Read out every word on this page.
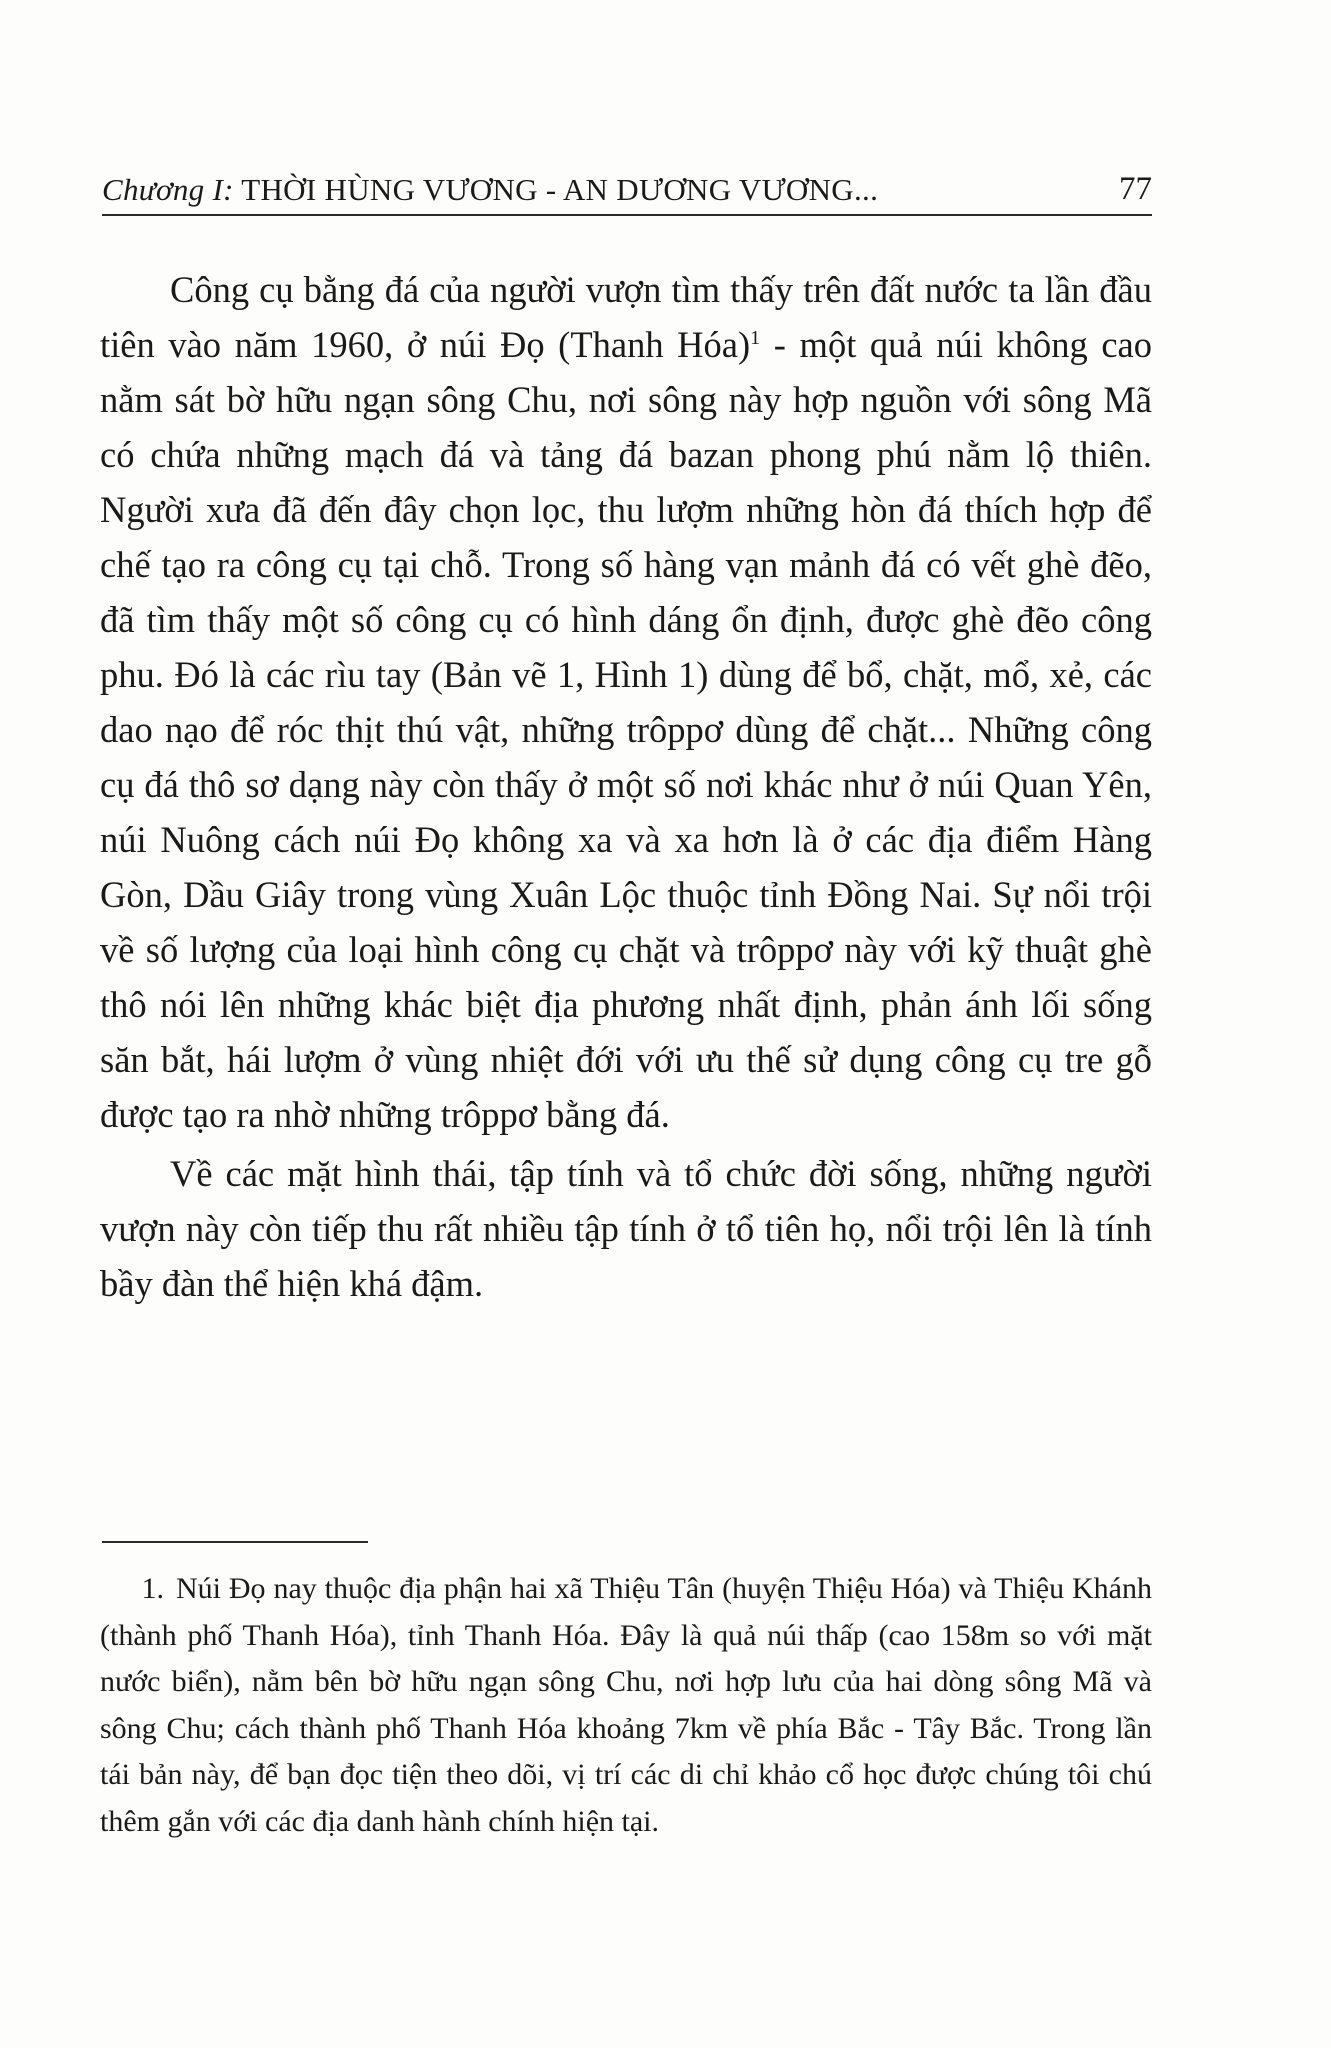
Chương I: THỜI HÙNG VƯƠNG - AN DƯƠNG VƯƠNG...	77

Công cụ bằng đá của người vượn tìm thấy trên đất nước ta lần đầu tiên vào năm 1960, ở núi Đọ (Thanh Hóa)$^1$ - một quả núi không cao nằm sát bờ hữu ngạn sông Chu, nơi sông này hợp nguồn với sông Mã có chứa những mạch đá và tảng đá bazan phong phú nằm lộ thiên. Người xưa đã đến đây chọn lọc, thu lượm những hòn đá thích hợp để chế tạo ra công cụ tại chỗ. Trong số hàng vạn mảnh đá có vết ghè đẽo, đã tìm thấy một số công cụ có hình dáng ổn định, được ghè đẽo công phu. Đó là các rìu tay (Bản vẽ 1, Hình 1) dùng để bổ, chặt, mổ, xẻ, các dao nạo để róc thịt thú vật, những trôppơ dùng để chặt... Những công cụ đá thô sơ dạng này còn thấy ở một số nơi khác như ở núi Quan Yên, núi Nuông cách núi Đọ không xa và xa hơn là ở các địa điểm Hàng Gòn, Dầu Giây trong vùng Xuân Lộc thuộc tỉnh Đồng Nai. Sự nổi trội về số lượng của loại hình công cụ chặt và trôppơ này với kỹ thuật ghè thô nói lên những khác biệt địa phương nhất định, phản ánh lối sống săn bắt, hái lượm ở vùng nhiệt đới với ưu thế sử dụng công cụ tre gỗ được tạo ra nhờ những trôppơ bằng đá.

Về các mặt hình thái, tập tính và tổ chức đời sống, những người vượn này còn tiếp thu rất nhiều tập tính ở tổ tiên họ, nổi trội lên là tính bầy đàn thể hiện khá đậm.

1. Núi Đọ nay thuộc địa phận hai xã Thiệu Tân (huyện Thiệu Hóa) và Thiệu Khánh (thành phố Thanh Hóa), tỉnh Thanh Hóa. Đây là quả núi thấp (cao 158m so với mặt nước biển), nằm bên bờ hữu ngạn sông Chu, nơi hợp lưu của hai dòng sông Mã và sông Chu; cách thành phố Thanh Hóa khoảng 7km về phía Bắc - Tây Bắc. Trong lần tái bản này, để bạn đọc tiện theo dõi, vị trí các di chỉ khảo cổ học được chúng tôi chú thêm gắn với các địa danh hành chính hiện tại.
